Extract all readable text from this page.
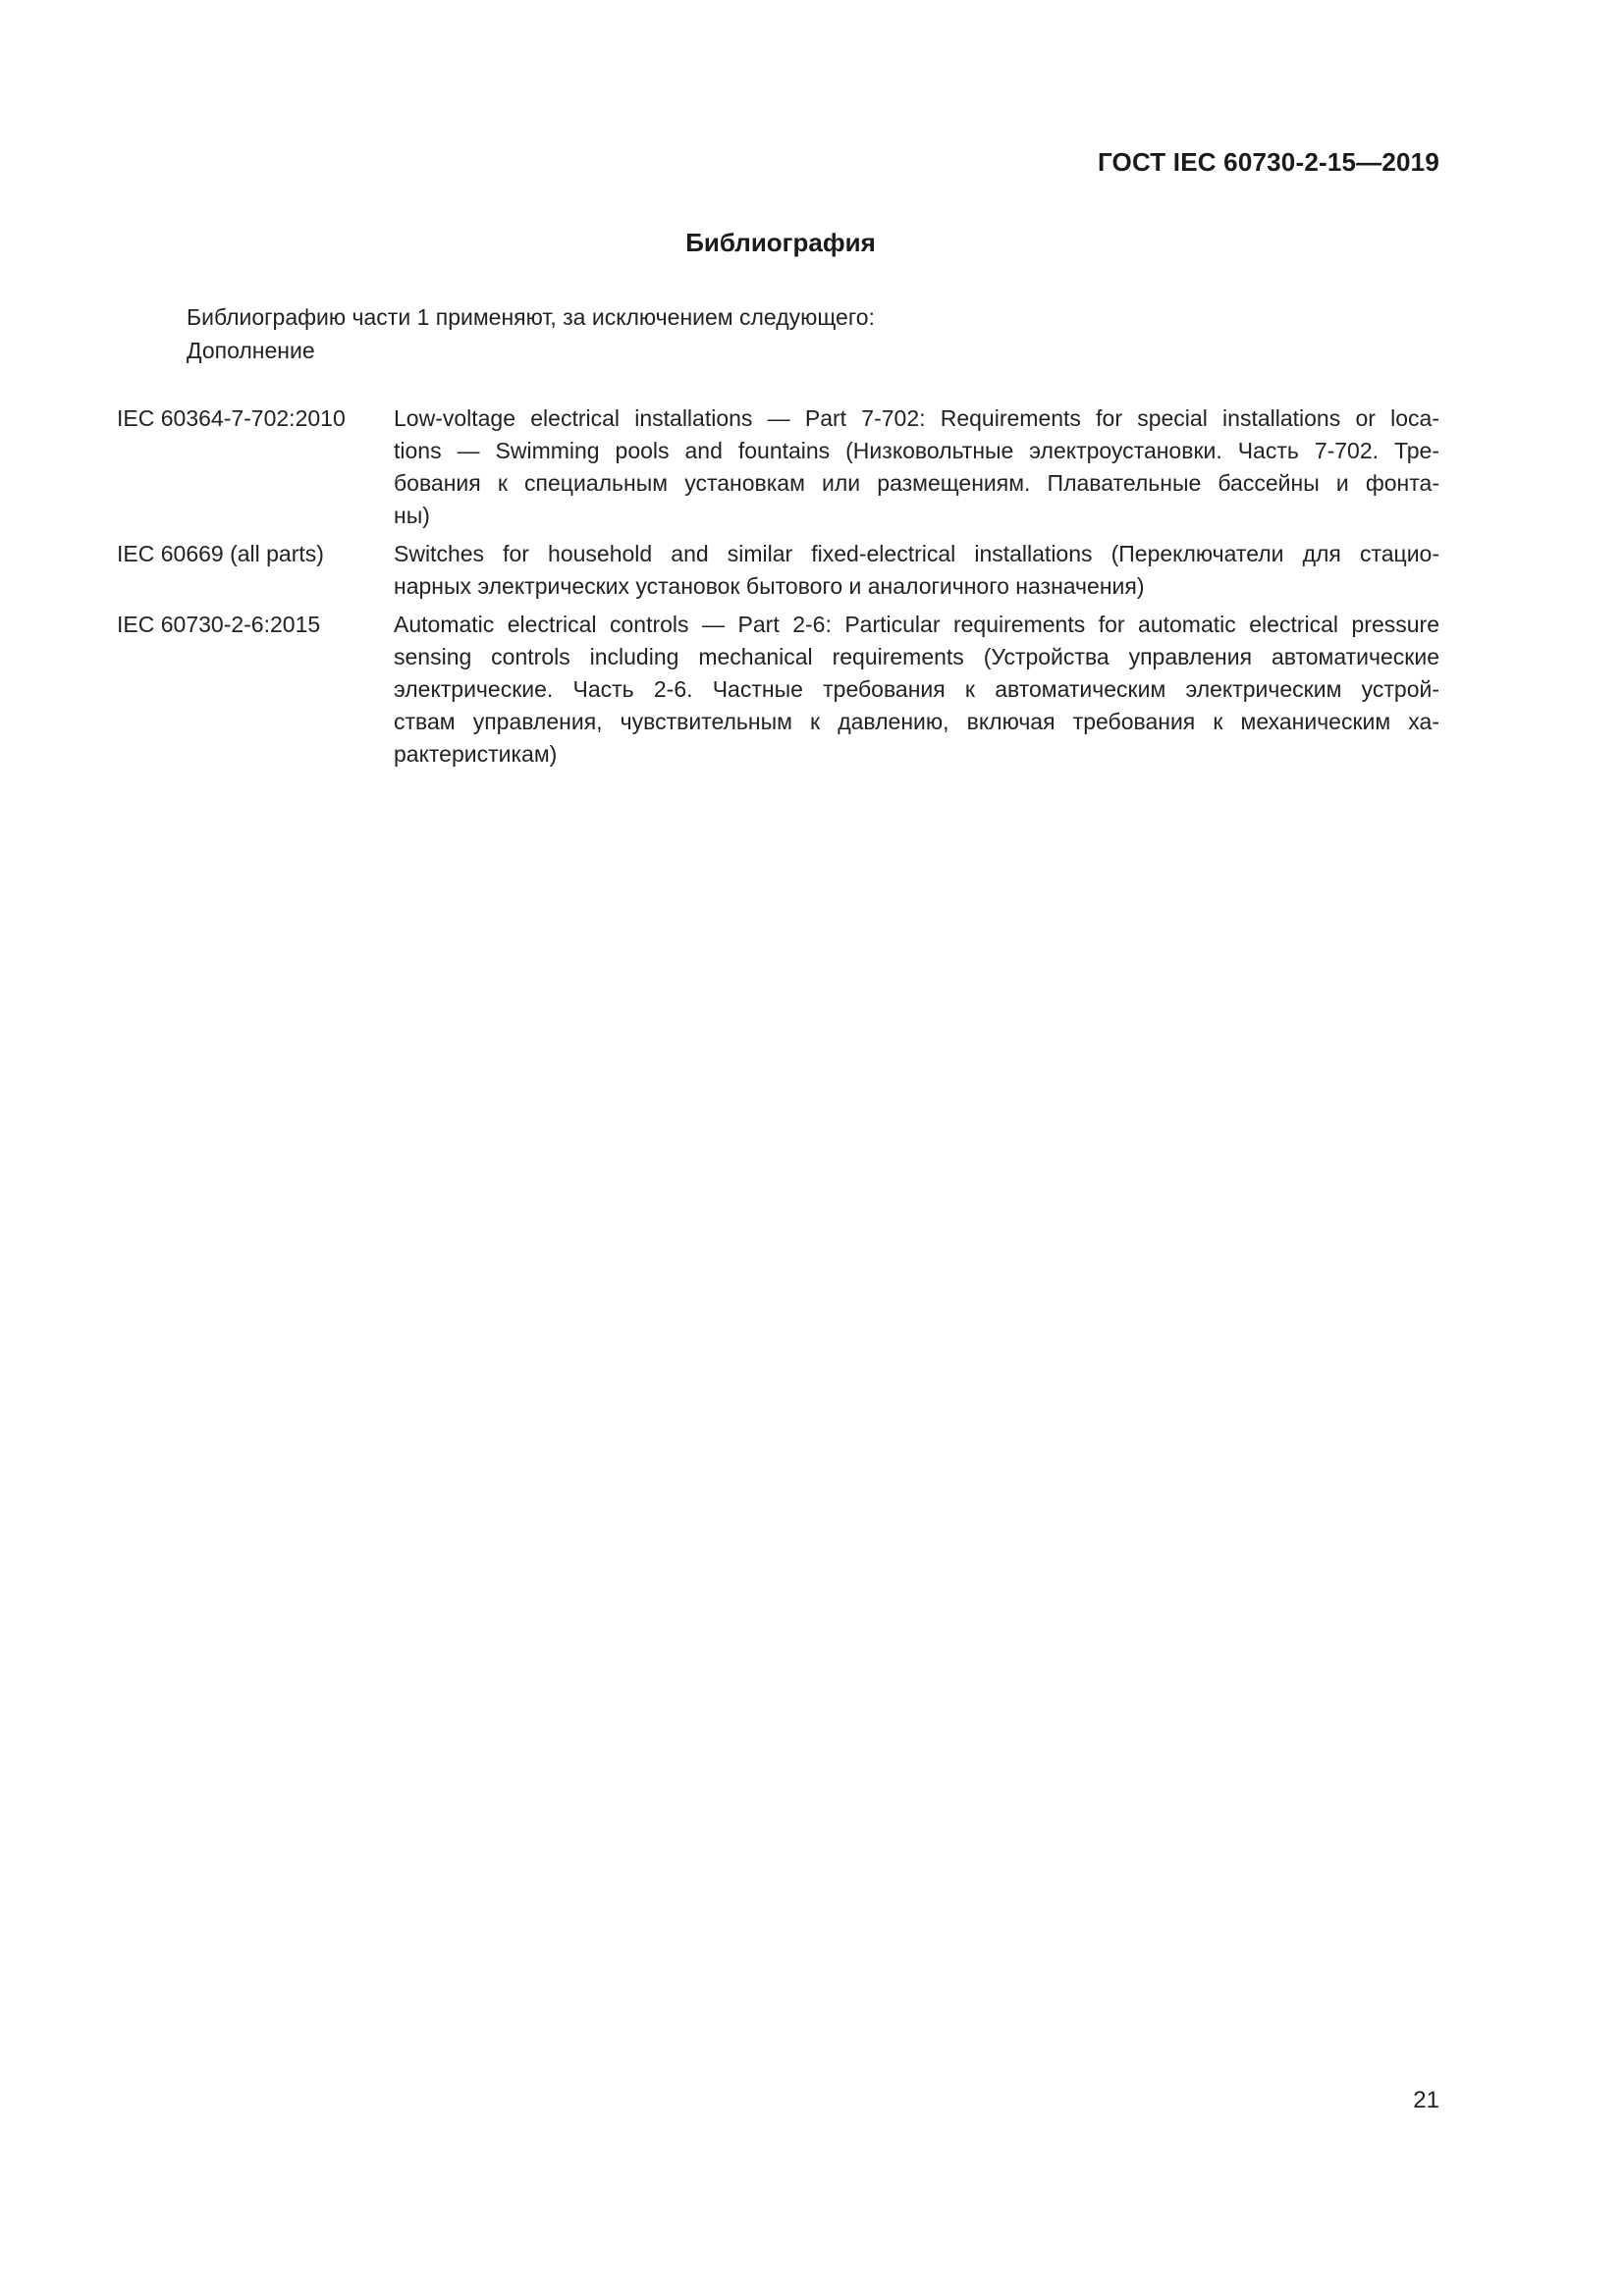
ГОСТ IEC 60730-2-15—2019
Библиография

Библиографию части 1 применяют, за исключением следующего:

Дополнение

IEC 60364-7-702:2010	Low-voltage electrical installations — Part 7-702: Requirements for special installations or loca-
tions — Swimming pools and fountains (Низковольтные электроустановки. Часть 7-702. Тре-
бования к специальным установкам или размещениям. Плавательные бассейны и фонта-
ны)
IEC 60669 (all parts)	Switches for household and similar fixed-electrical installations (Переключатели для стацио-
нарных электрических установок бытового и аналогичного назначения)
IEC 60730-2-6:2015	Automatic electrical controls — Part 2-6: Particular requirements for automatic electrical pressure
sensing controls including mechanical requirements (Устройства управления автоматические
электрические. Часть 2-6. Частные требования к автоматическим электрическим устрой-
ствам управления, чувствительным к давлению, включая требования к механическим ха-
рактеристикам)
21
